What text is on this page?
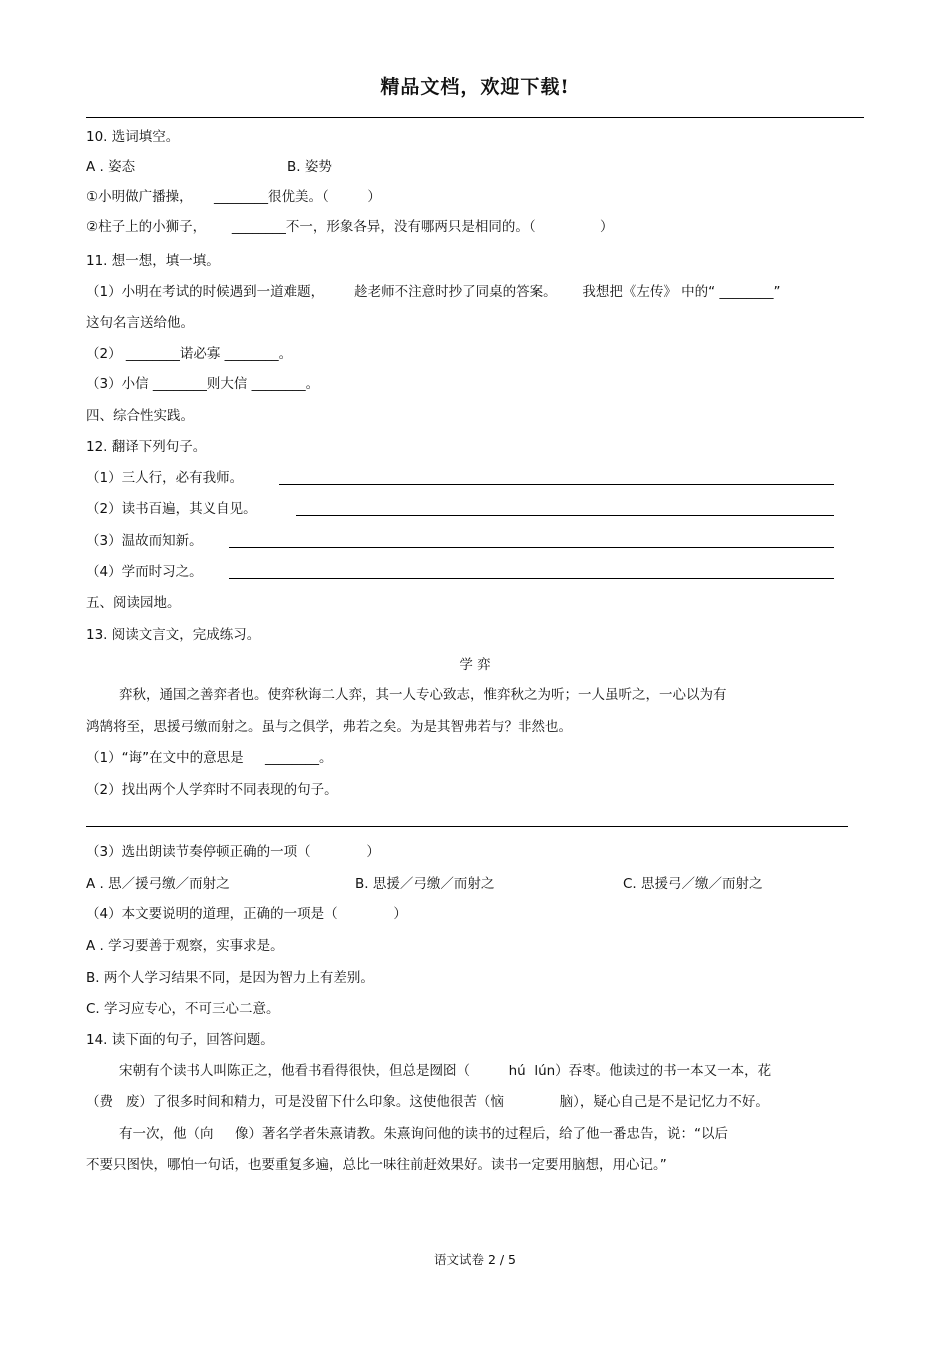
精品文档，欢迎下载!
10. 选词填空。
A . 姿态	B. 姿势
①小明做广播操，     ________很优美。（         ）
②柱子上的小狮子，      ________不一，形象各异，没有哪两只是相同的。（               ）
11. 想一想，填一填。
（1）小明在考试的时候遇到一道难题，       趁老师不注意时抄了同桌的答案。      我想把《左传》 中的“ ________”
这句名言送给他。
（2） ________诺必寡 ________。
（3）小信 ________则大信 ________。
四、综合性实践。
12. 翻译下列句子。
（1）三人行，必有我师。
（2）读书百遍，其义自见。
（3）温故而知新。
（4）学而时习之。
五、阅读园地。
13. 阅读文言文，完成练习。
学 弈
弈秋，通国之善弈者也。使弈秋诲二人弈，其一人专心致志，惟弈秋之为听；一人虽听之，一心以为有
鸿鹄将至，思援弓缴而射之。虽与之俱学，弗若之矣。为是其智弗若与？非然也。
（1）“诲”在文中的意思是     ________。
（2）找出两个人学弈时不同表现的句子。
（3）选出朗读节奏停顿正确的一项（             ）
A . 思／援弓缴／而射之	B. 思援／弓缴／而射之	C. 思援弓／缴／而射之
（4）本文要说明的道理，正确的一项是（             ）
A . 学习要善于观察，实事求是。
B. 两个人学习结果不同，是因为智力上有差别。
C. 学习应专心，不可三心二意。
14. 读下面的句子，回答问题。
宋朝有个读书人叫陈正之，他看书看得很快，但总是囫囵（         hú  lún）吞枣。他读过的书一本又一本，花
（费   废）了很多时间和精力，可是没留下什么印象。这使他很苦（恼             脑），疑心自己是不是记忆力不好。
有一次，他（向     像）著名学者朱熹请教。朱熹询问他的读书的过程后，给了他一番忠告，说：“以后
不要只图快，哪怕一句话，也要重复多遍，总比一味往前赶效果好。读书一定要用脑想，用心记。”
语文试卷 2 / 5
